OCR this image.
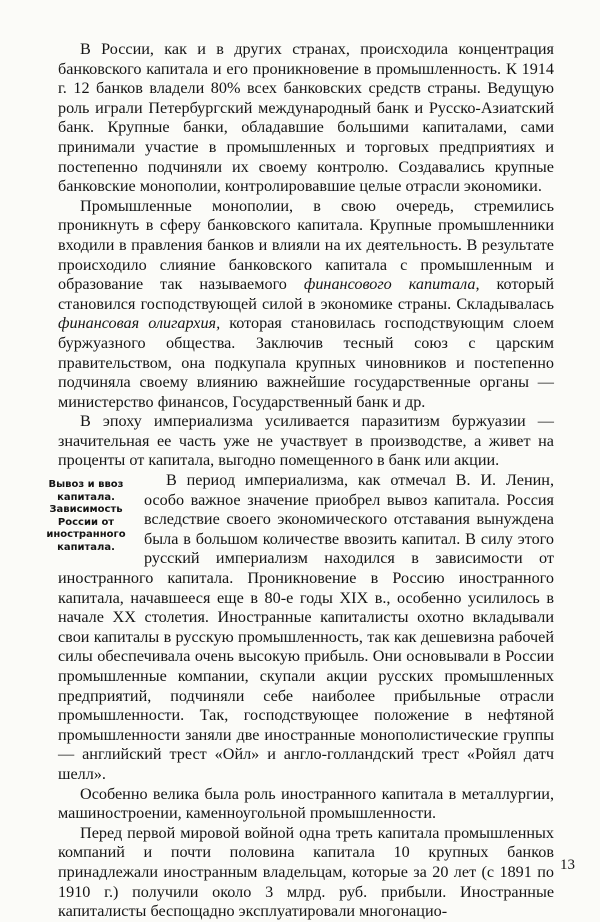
В России, как и в других странах, происходила концентрация банковского капитала и его проникновение в промышленность. К 1914 г. 12 банков владели 80% всех банковских средств страны. Ведущую роль играли Петербургский международный банк и Русско-Азиатский банк. Крупные банки, обладавшие большими капиталами, сами принимали участие в промышленных и торговых предприятиях и постепенно подчиняли их своему контролю. Создавались крупные банковские монополии, контролировавшие целые отрасли экономики.

Промышленные монополии, в свою очередь, стремились проникнуть в сферу банковского капитала. Крупные промышленники входили в правления банков и влияли на их деятельность. В результате происходило слияние банковского капитала с промышленным и образование так называемого финансового капитала, который становился господствующей силой в экономике страны. Складывалась финансовая олигархия, которая становилась господствующим слоем буржуазного общества. Заключив тесный союз с царским правительством, она подкупала крупных чиновников и постепенно подчиняла своему влиянию важнейшие государственные органы — министерство финансов, Государственный банк и др.

В эпоху империализма усиливается паразитизм буржуазии — значительная ее часть уже не участвует в производстве, а живет на проценты от капитала, выгодно помещенного в банк или акции.

Вывоз и ввоз
капитала.
Зависимость
России от
иностранного
капитала.

В период империализма, как отмечал В. И. Ленин, особо важное значение приобрел вывоз капитала. Россия вследствие своего экономического отставания вынуждена была в большом количестве ввозить капитал. В силу этого русский империализм находился в зависимости от иностранного капитала. Проникновение в Россию иностранного капитала, начавшееся еще в 80-е годы XIX в., особенно усилилось в начале XX столетия. Иностранные капиталисты охотно вкладывали свои капиталы в русскую промышленность, так как дешевизна рабочей силы обеспечивала очень высокую прибыль. Они основывали в России промышленные компании, скупали акции русских промышленных предприятий, подчиняли себе наиболее прибыльные отрасли промышленности. Так, господствующее положение в нефтяной промышленности заняли две иностранные монополистические группы — английский трест «Ойл» и англо-голландский трест «Ройял датч шелл».

Особенно велика была роль иностранного капитала в металлургии, машиностроении, каменноугольной промышленности.

Перед первой мировой войной одна треть капитала промышленных компаний и почти половина капитала 10 крупных банков принадлежали иностранным владельцам, которые за 20 лет (с 1891 по 1910 г.) получили около 3 млрд. руб. прибыли. Иностранные капиталисты беспощадно эксплуатировали многонацио-

13
